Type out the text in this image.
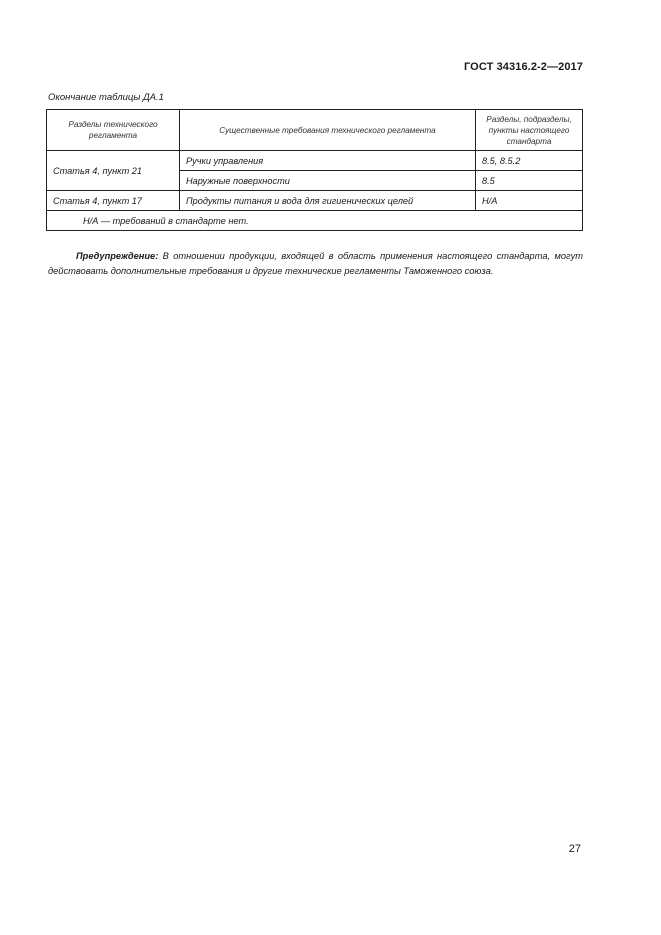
ГОСТ 34316.2-2—2017
Окончание таблицы ДА.1
Разделы технического регламента	Существенные требования технического регламента	Разделы, подразделы, пункты настоящего стандарта
Статья 4, пункт 21	Ручки управления	8.5, 8.5.2
	Наружные поверхности	8.5
Статья 4, пункт 17	Продукты питания и вода для гигиенических целей	Н/А
Н/А — требований в стандарте нет.		

Предупреждение: В отношении продукции, входящей в область применения настоящего стандарта, могут действовать дополнительные требования и другие технические регламенты Таможенного союза.

27
